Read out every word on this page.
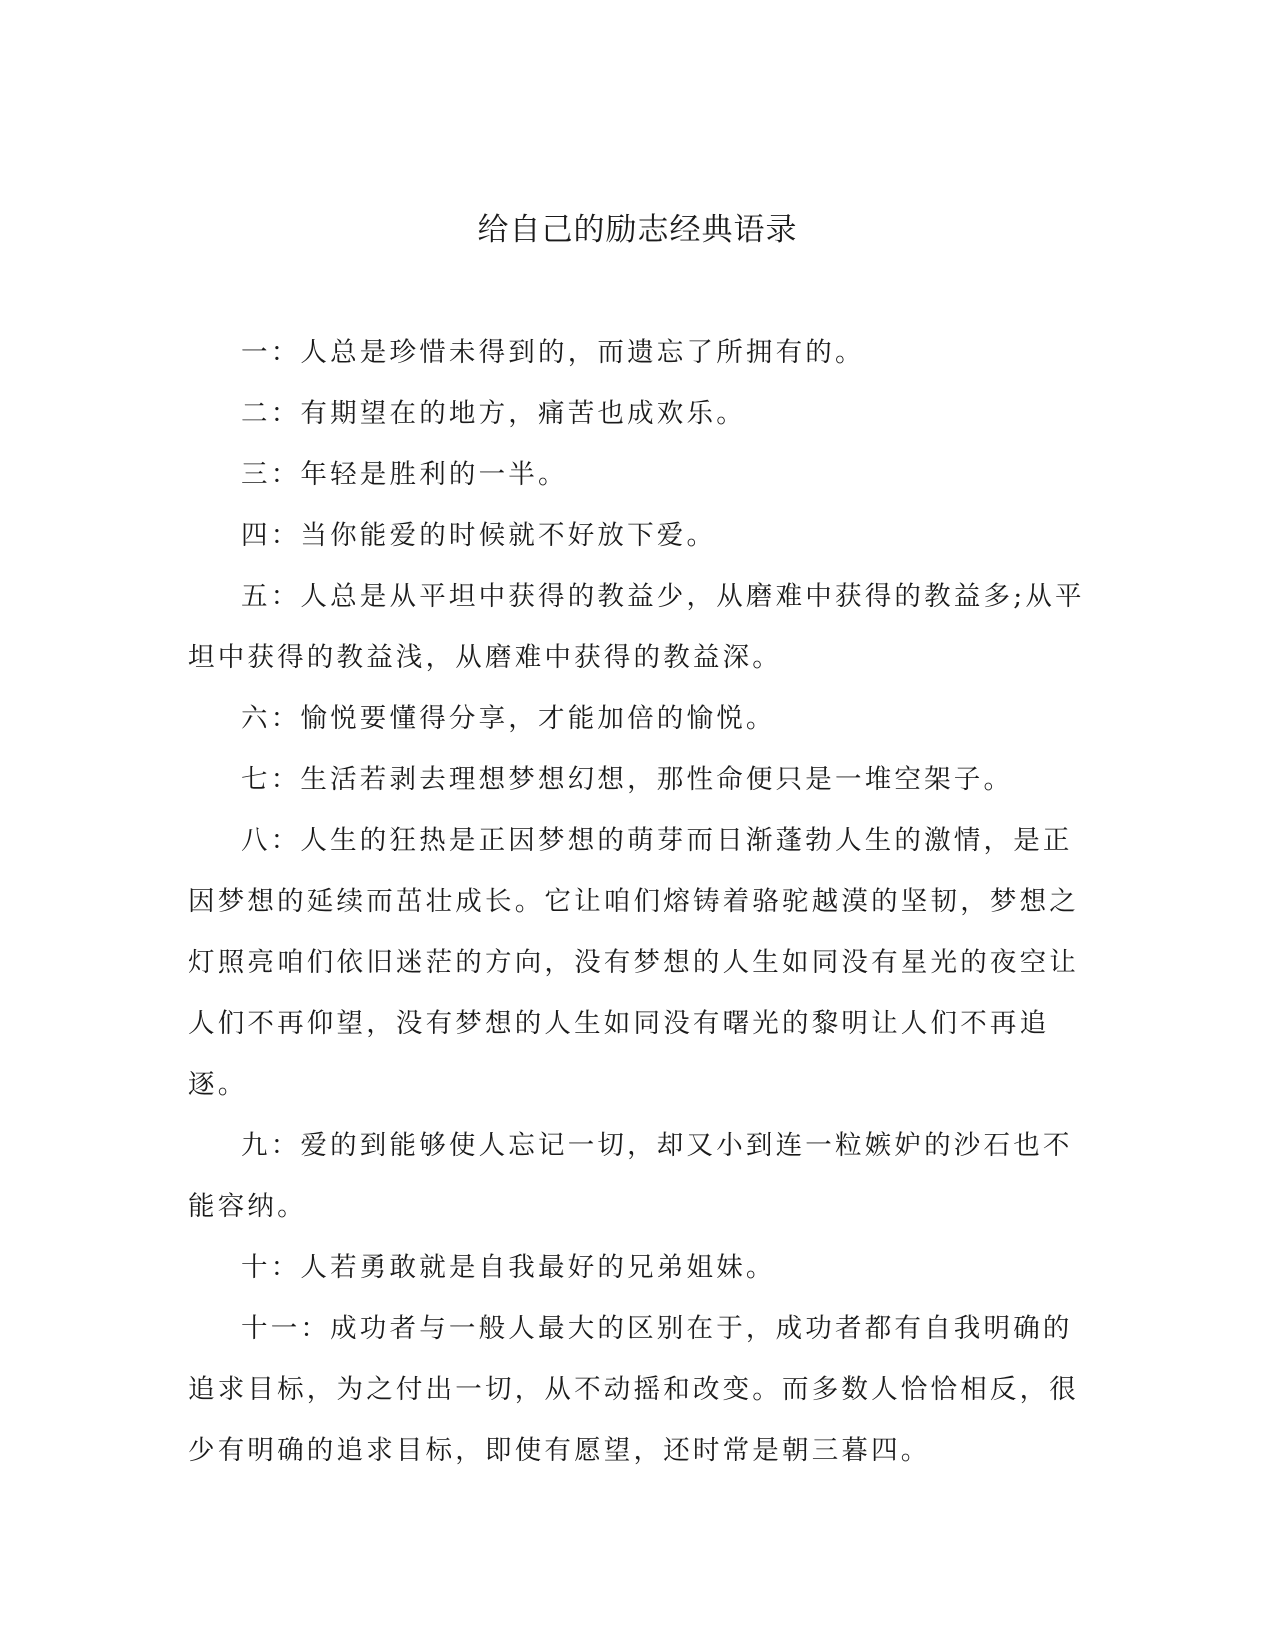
给自己的励志经典语录

一：人总是珍惜未得到的，而遗忘了所拥有的。

二：有期望在的地方，痛苦也成欢乐。

三：年轻是胜利的一半。

四：当你能爱的时候就不好放下爱。

五：人总是从平坦中获得的教益少，从磨难中获得的教益多;从平坦中获得的教益浅，从磨难中获得的教益深。

六：愉悦要懂得分享，才能加倍的愉悦。

七：生活若剥去理想梦想幻想，那性命便只是一堆空架子。

八：人生的狂热是正因梦想的萌芽而日渐蓬勃人生的激情，是正因梦想的延续而茁壮成长。它让咱们熔铸着骆驼越漠的坚韧，梦想之灯照亮咱们依旧迷茫的方向，没有梦想的人生如同没有星光的夜空让人们不再仰望，没有梦想的人生如同没有曙光的黎明让人们不再追逐。

九：爱的到能够使人忘记一切，却又小到连一粒嫉妒的沙石也不能容纳。

十：人若勇敢就是自我最好的兄弟姐妹。

十一：成功者与一般人最大的区别在于，成功者都有自我明确的追求目标，为之付出一切，从不动摇和改变。而多数人恰恰相反，很少有明确的追求目标，即使有愿望，还时常是朝三暮四。
